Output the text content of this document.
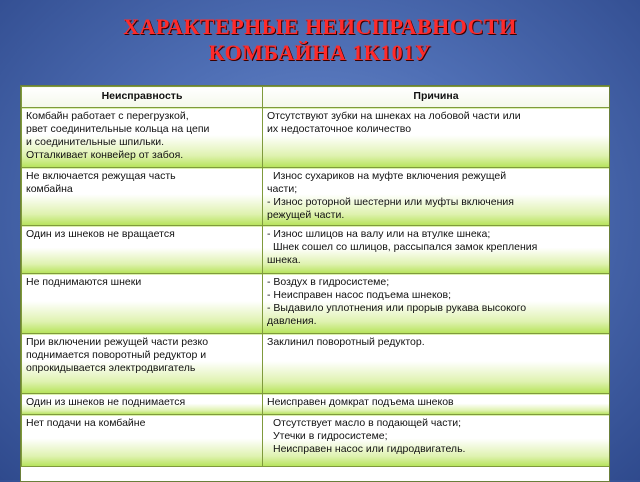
ХАРАКТЕРНЫЕ НЕИСПРАВНОСТИ
КОМБАЙНА 1К101У
Неисправность	Причина

Комбайн работает с перегрузкой,
рвет соединительные кольца на цепи
и соединительные шпильки.
Отталкивает конвейер от забоя.	Отсутствуют зубки на шнеках на лобовой части или
их недостаточное количество

Не включается режущая часть
комбайна	Износ сухариков на муфте включения режущей
части;
- Износ роторной шестерни или муфты включения
режущей части.

Один из шнеков не вращается	- Износ шлицов на валу или на втулке шнека;
Шнек сошел со шлицов, рассыпался замок крепления
шнека.

Не поднимаются шнеки	- Воздух в гидросистеме;
- Неисправен насос подъема шнеков;
- Выдавило уплотнения или прорыв рукава высокого
давления.

При включении режущей части резко
поднимается поворотный редуктор и
опрокидывается электродвигатель	Заклинил поворотный редуктор.

Один из шнеков не поднимается	Неисправен домкрат подъема шнеков

Нет подачи на комбайне	Отсутствует масло в подающей части;
Утечки в гидросистеме;
Неисправен насос или гидродвигатель.
